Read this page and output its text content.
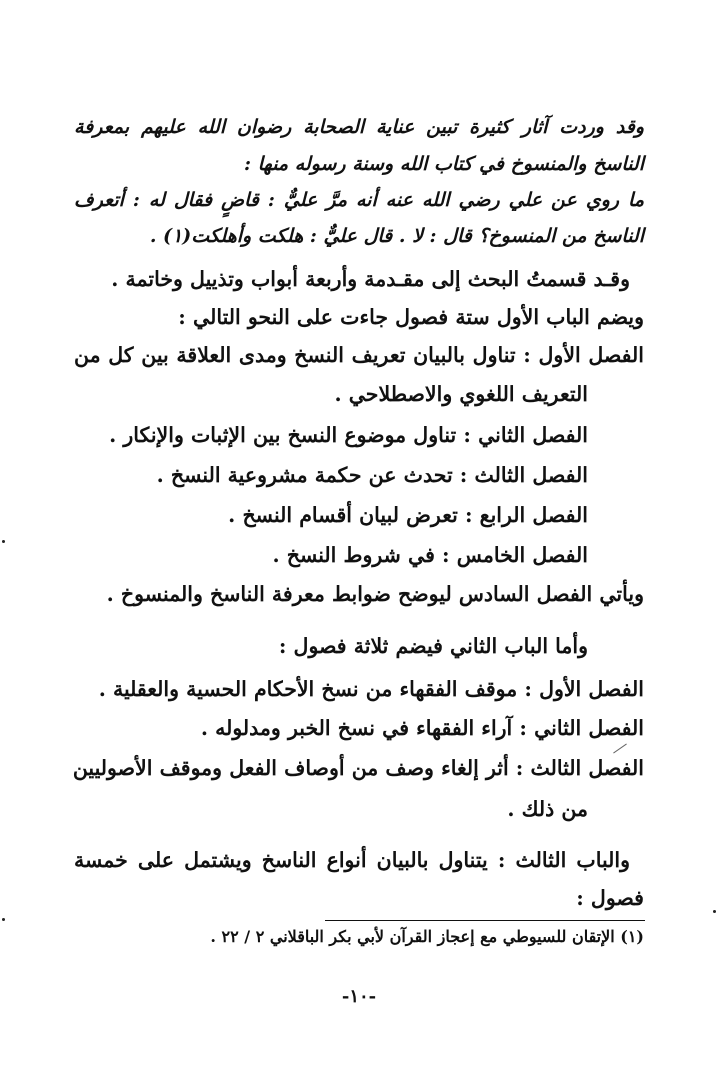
وقد وردت آثار كثيرة تبين عناية الصحابة رضوان الله عليهم بمعرفة
الناسخ والمنسوخ في كتاب الله وسنة رسوله منها :
ما روي عن علي رضي الله عنه أنه مرَّ عليٌّ : قاضٍ فقال له : أتعرف
الناسخ من المنسوخ؟ قال : لا . قال عليٌّ : هلكت وأهلكت(١) .
وقـد قسمتُ البحث إلى مقـدمة وأربعة أبواب وتذييل وخاتمة .
ويضم الباب الأول ستة فصول جاءت على النحو التالي :
الفصل الأول : تناول بالبيان تعريف النسخ ومدى العلاقة بين كل من
التعريف اللغوي والاصطلاحي .
الفصل الثاني : تناول موضوع النسخ بين الإثبات والإنكار .
الفصل الثالث : تحدث عن حكمة مشروعية النسخ .
الفصل الرابع : تعرض لبيان أقسام النسخ .
الفصل الخامس : في شروط النسخ .
ويأتي الفصل السادس ليوضح ضوابط معرفة الناسخ والمنسوخ .
وأما الباب الثاني فيضم ثلاثة فصول :
الفصل الأول : موقف الفقهاء من نسخ الأحكام الحسية والعقلية .
الفصل الثاني : آراء الفقهاء في نسخ الخبر ومدلوله .
الفصل الثالث : أثر إلغاء وصف من أوصاف الفعل وموقف الأصوليين
من ذلك .
والباب الثالث : يتناول بالبيان أنواع الناسخ ويشتمل على خمسة
فصول :
(١) الإتقان للسيوطي مع إعجاز القرآن لأبي بكر الباقلاني ٢ / ٢٢ .
-١٠-
